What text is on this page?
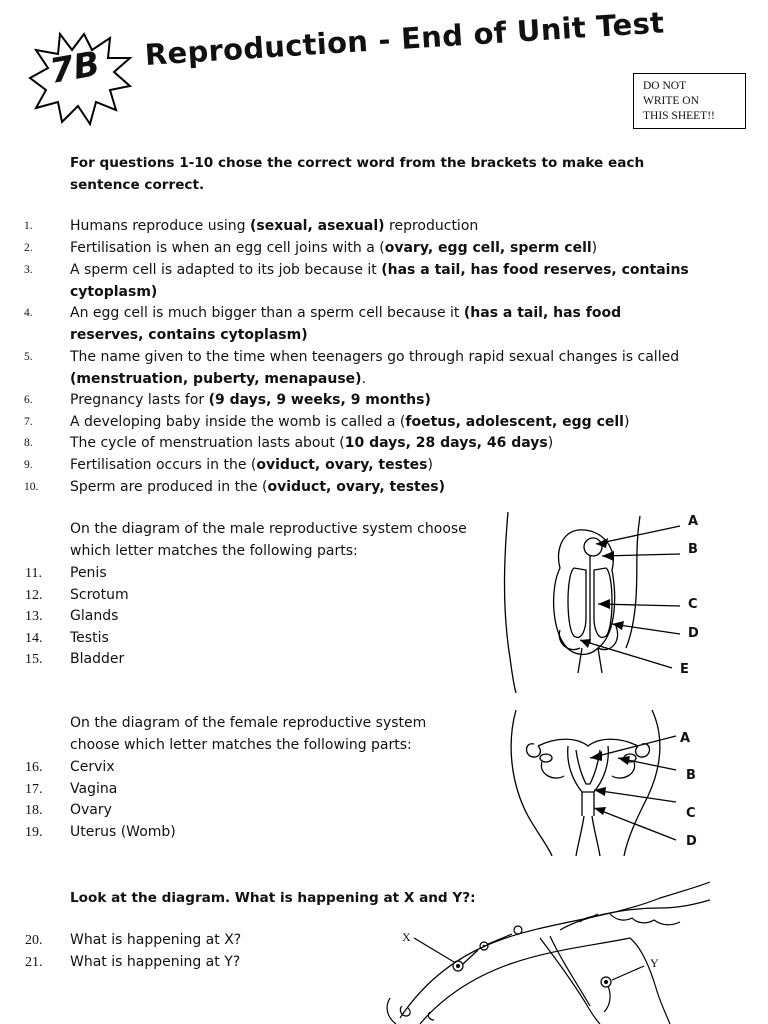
7B Reproduction - End of Unit Test
DO NOT
WRITE ON
THIS SHEET!!
For questions 1-10 chose the correct word from the brackets to make each sentence correct.
1.	Humans reproduce using (sexual, asexual) reproduction
2.	Fertilisation is when an egg cell joins with a (ovary, egg cell, sperm cell)
3.	A sperm cell is adapted to its job because it (has a tail, has food reserves, contains
cytoplasm)
4.	An egg cell is much bigger than a sperm cell because it (has a tail, has food
reserves, contains cytoplasm)
5.	The name given to the time when teenagers go through rapid sexual changes is called
(menstruation, puberty, menapause).
6.	Pregnancy lasts for (9 days, 9 weeks, 9 months)
7.	A developing baby inside the womb is called a (foetus, adolescent, egg cell)
8.	The cycle of menstruation lasts about (10 days, 28 days, 46 days)
9.	Fertilisation occurs in the (oviduct, ovary, testes)
10. Sperm are produced in the (oviduct, ovary, testes)
On the diagram of the male reproductive system choose
which letter matches the following parts:
11. Penis
12. Scrotum
13. Glands
14. Testis
15. Bladder
A
B
C
D
E
On the diagram of the female reproductive system
choose which letter matches the following parts:
16. Cervix
17. Vagina
18. Ovary
19. Uterus (Womb)
A
B
C
D
Look at the diagram. What is happening at X and Y?:
20. What is happening at X?
21. What is happening at Y?
X
Y
